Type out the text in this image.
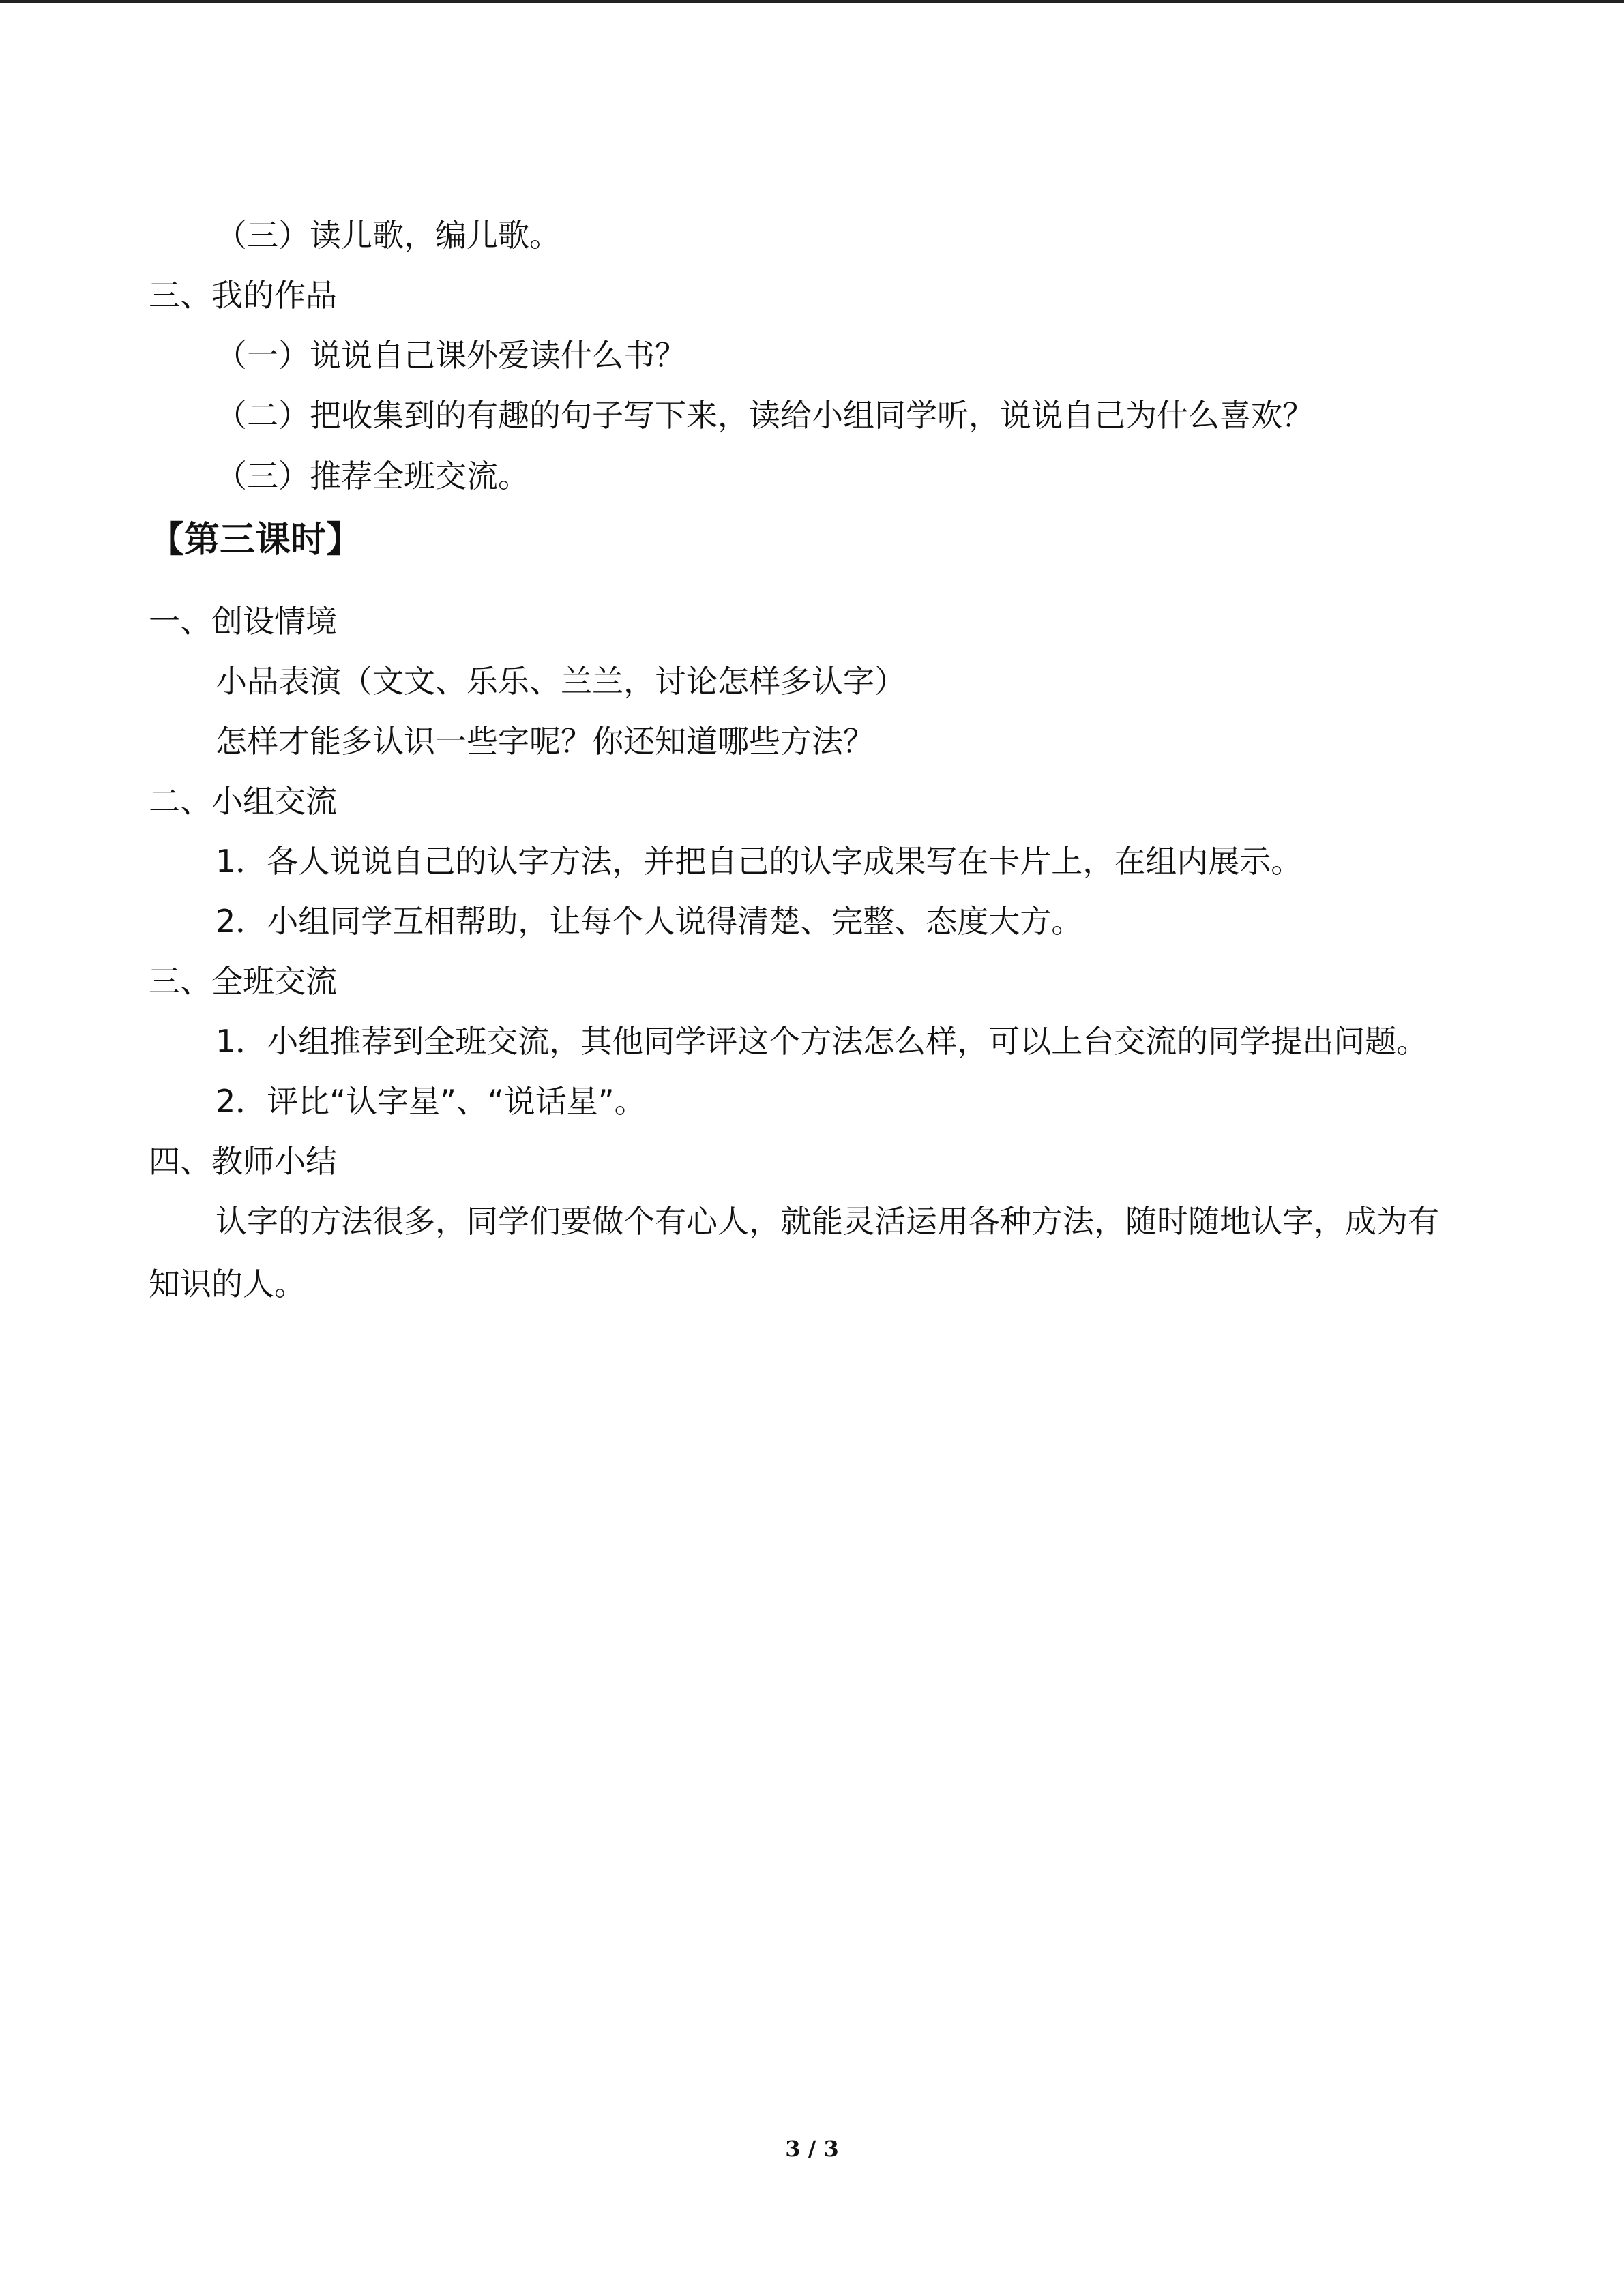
（三）读儿歌，编儿歌。
三、我的作品
（一）说说自己课外爱读什么书？
（二）把收集到的有趣的句子写下来，读给小组同学听，说说自己为什么喜欢？
（三）推荐全班交流。
【第三课时】
一、创设情境
小品表演（文文、乐乐、兰兰，讨论怎样多认字）
怎样才能多认识一些字呢？你还知道哪些方法？
二、小组交流
1．各人说说自己的认字方法，并把自己的认字成果写在卡片上，在组内展示。
2．小组同学互相帮助，让每个人说得清楚、完整、态度大方。
三、全班交流
1．小组推荐到全班交流，其他同学评这个方法怎么样，可以上台交流的同学提出问题。
2．评比“认字星”、“说话星”。
四、教师小结
认字的方法很多，同学们要做个有心人，就能灵活运用各种方法，随时随地认字，成为有知识的人。
3 / 3
